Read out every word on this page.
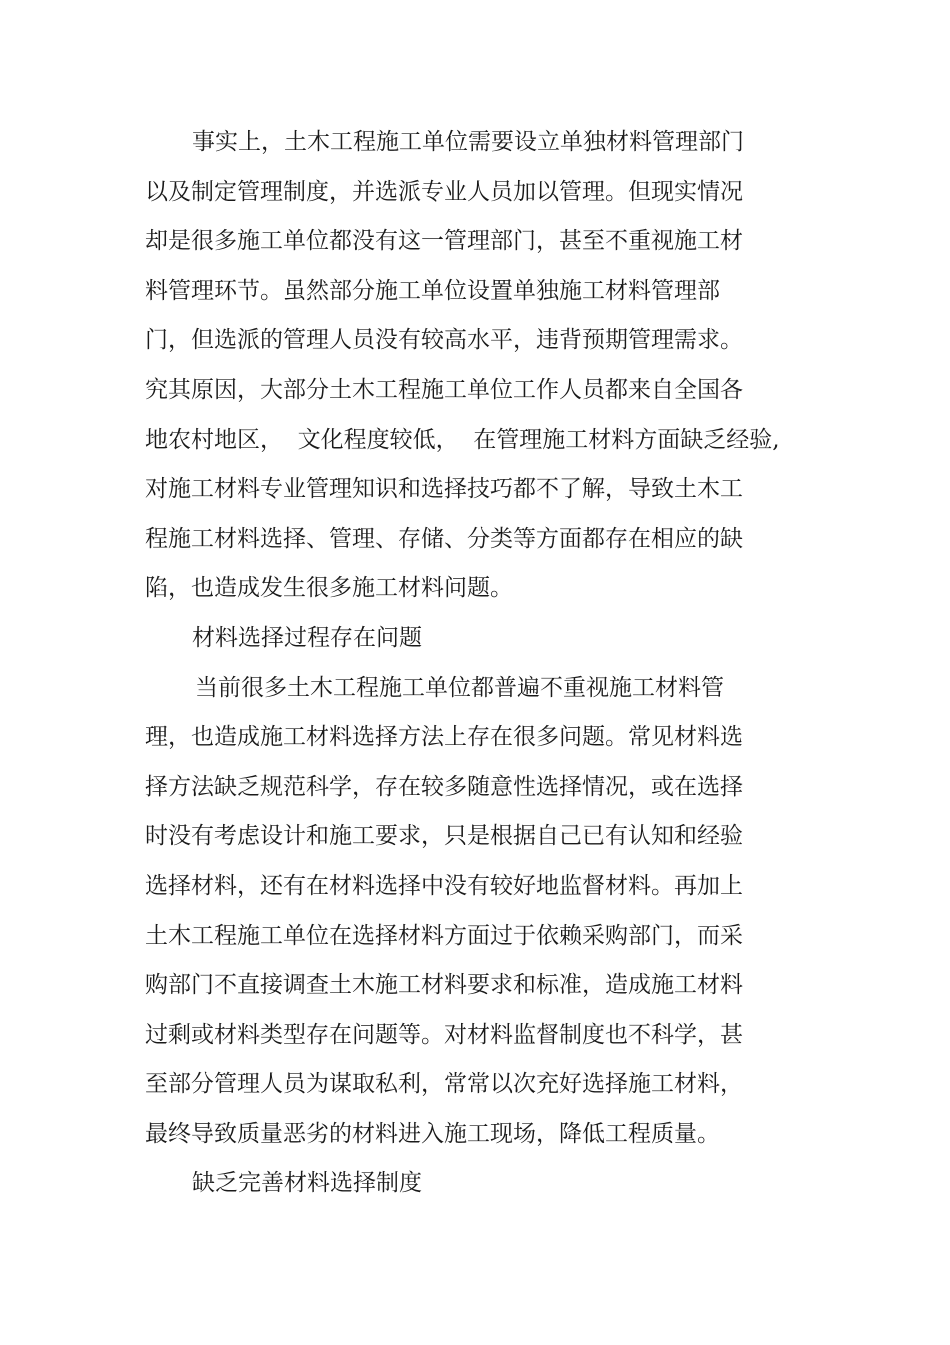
事实上，土木工程施工单位需要设立单独材料管理部门
以及制定管理制度，并选派专业人员加以管理。但现实情况
却是很多施工单位都没有这一管理部门，甚至不重视施工材
料管理环节。虽然部分施工单位设置单独施工材料管理部
门，但选派的管理人员没有较高水平，违背预期管理需求。
究其原因，大部分土木工程施工单位工作人员都来自全国各
地农村地区，  文化程度较低，  在管理施工材料方面缺乏经验,
对施工材料专业管理知识和选择技巧都不了解，导致土木工
程施工材料选择、管理、存储、分类等方面都存在相应的缺
陷，也造成发生很多施工材料问题。
材料选择过程存在问题
当前很多土木工程施工单位都普遍不重视施工材料管
理，也造成施工材料选择方法上存在很多问题。常见材料选
择方法缺乏规范科学，存在较多随意性选择情况，或在选择
时没有考虑设计和施工要求，只是根据自己已有认知和经验
选择材料，还有在材料选择中没有较好地监督材料。再加上
土木工程施工单位在选择材料方面过于依赖采购部门，而采
购部门不直接调查土木施工材料要求和标准，造成施工材料
过剩或材料类型存在问题等。对材料监督制度也不科学，甚
至部分管理人员为谋取私利，常常以次充好选择施工材料，
最终导致质量恶劣的材料进入施工现场，降低工程质量。
缺乏完善材料选择制度
